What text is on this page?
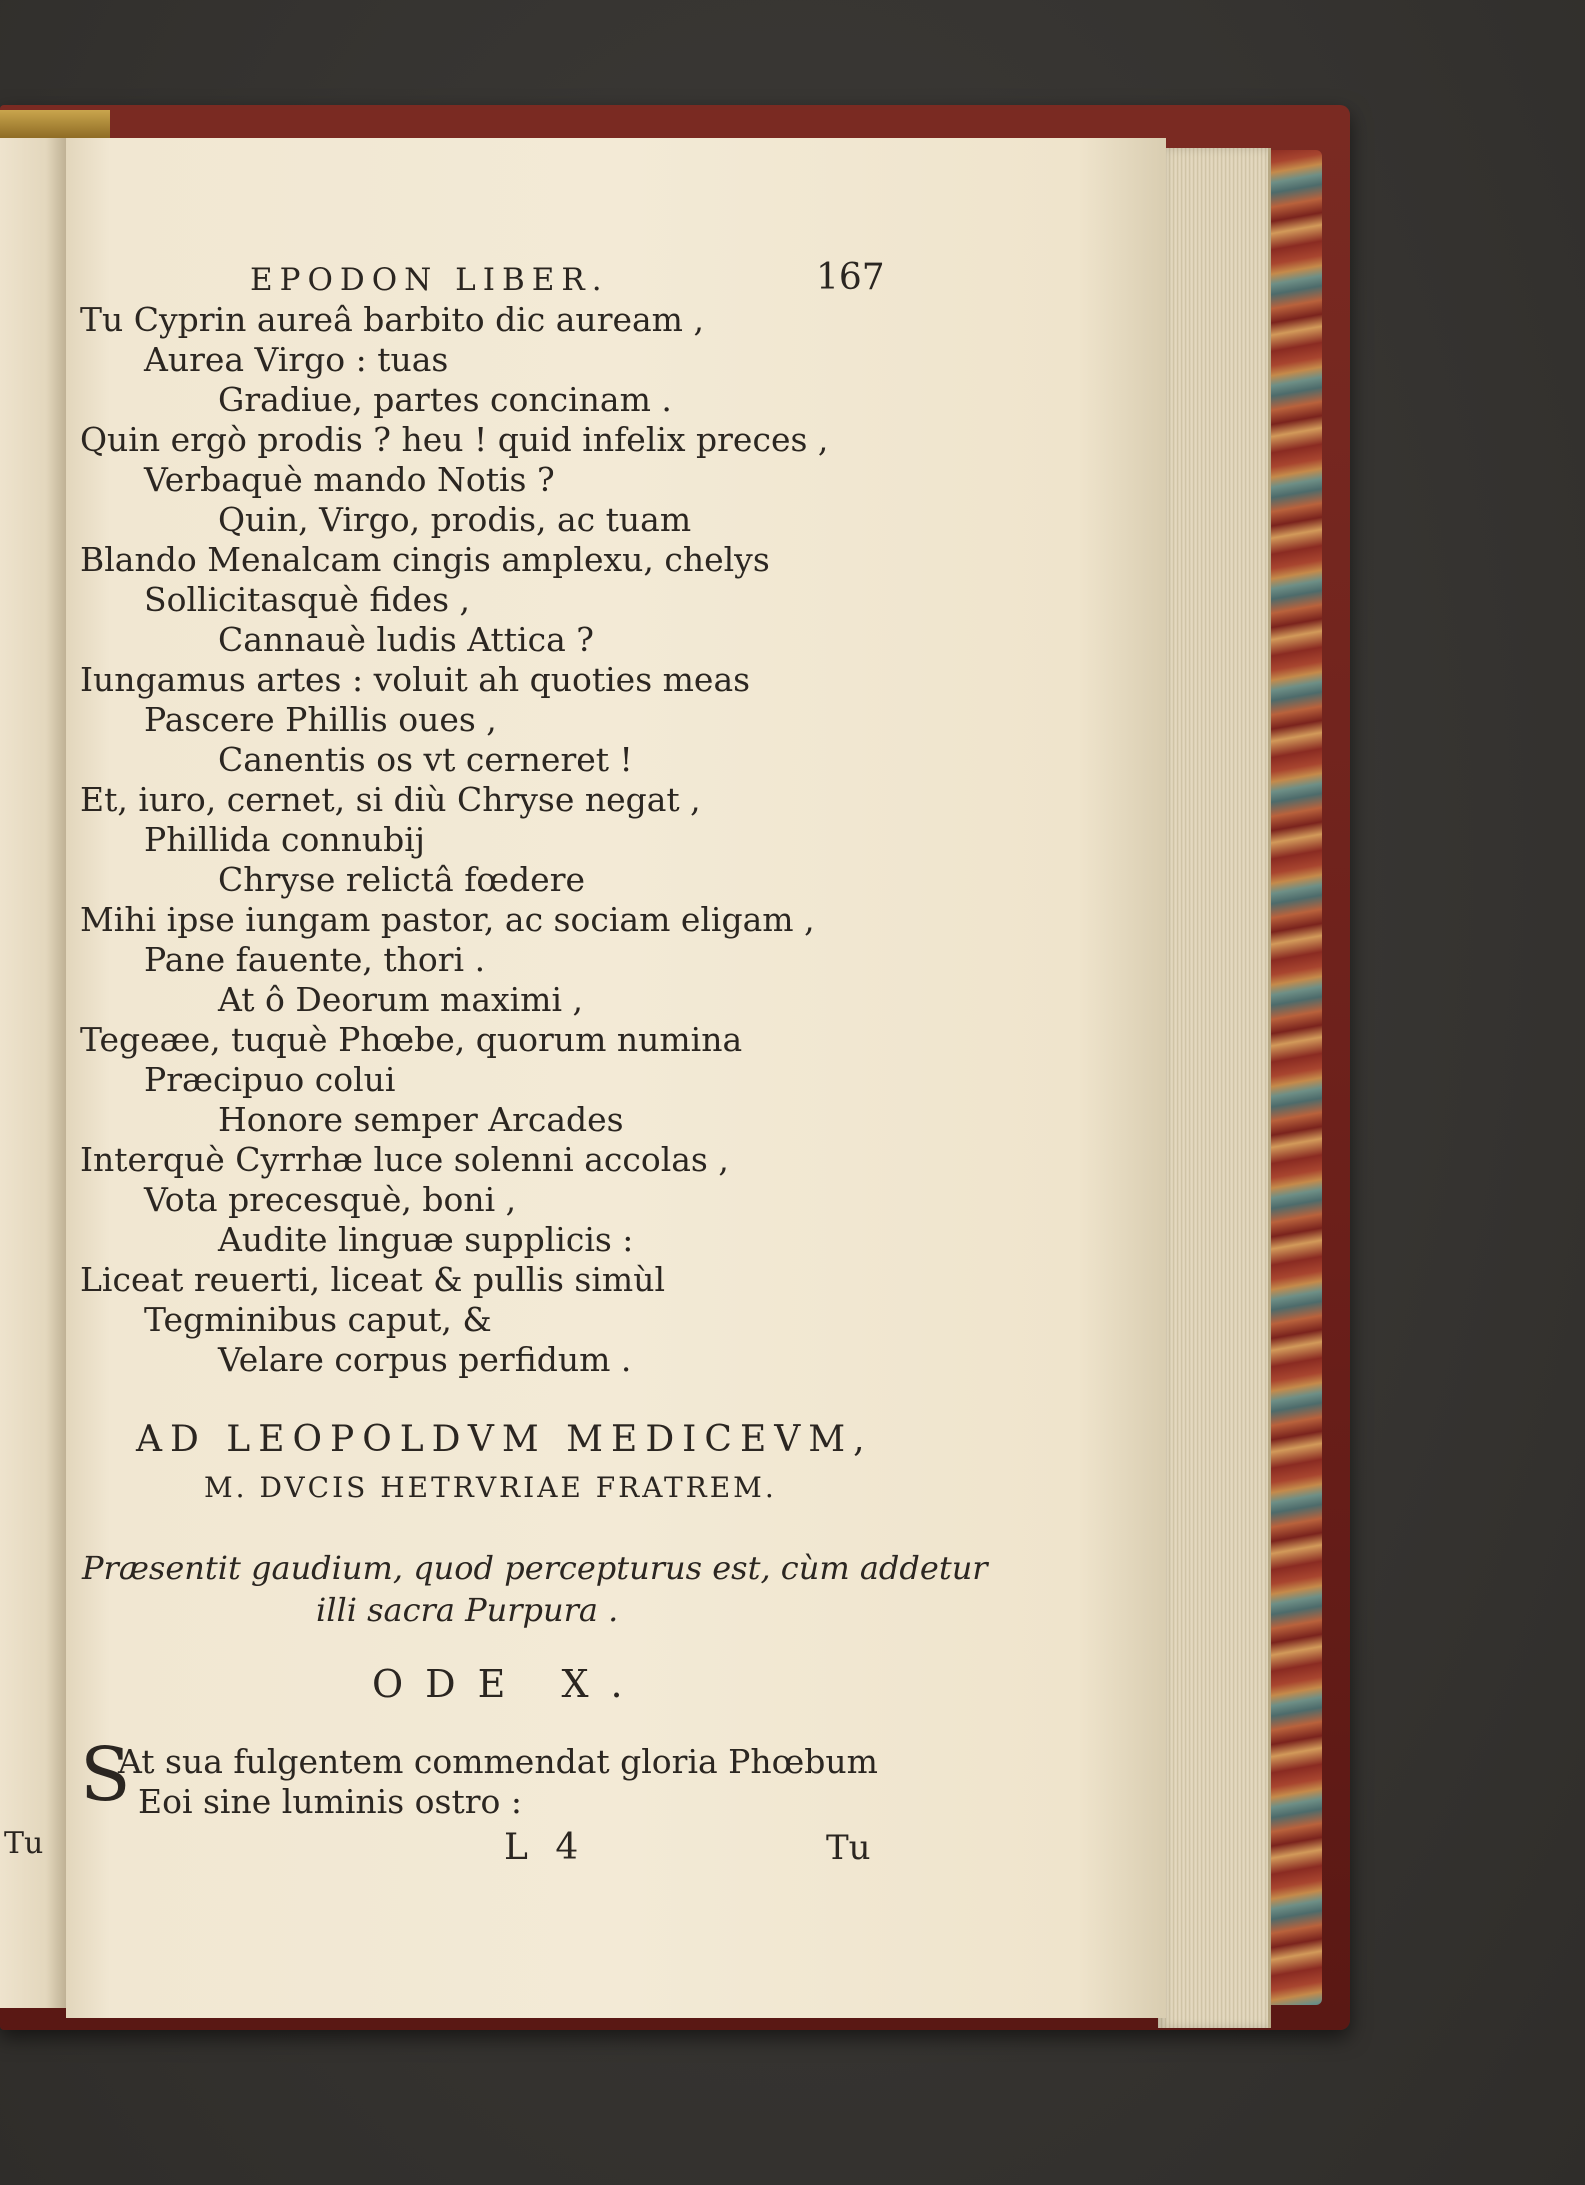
Tu
EPODON LIBER.	167
Tu Cyprin aureâ barbito dic auream ,
Aurea Virgo : tuas
Gradiue, partes concinam .
Quin ergò prodis ? heu ! quid infelix preces ,
Verbaquè mando Notis ?
Quin, Virgo, prodis, ac tuam
Blando Menalcam cingis amplexu, chelys
Sollicitasquè fides ,
Cannauè ludis Attica ?
Iungamus artes : voluit ah quoties meas
Pascere Phillis oues ,
Canentis os vt cerneret !
Et, iuro, cernet, si diù Chryse negat ,
Phillida connubij
Chryse relictâ fœdere
Mihi ipse iungam pastor, ac sociam eligam ,
Pane fauente, thori .
At ô Deorum maximi ,
Tegeæe, tuquè Phœbe, quorum numina
Præcipuo colui
Honore semper Arcades
Interquè Cyrrhæ luce solenni accolas ,
Vota precesquè, boni ,
Audite linguæ supplicis :
Liceat reuerti, liceat & pullis simùl
Tegminibus caput, &
Velare corpus perfidum .
AD LEOPOLDVM MEDICEVM,
M. DVCIS HETRVRIAE FRATREM.
Præsentit gaudium, quod percepturus est, cùm addetur
illi sacra Purpura .
ODE X.
S
At sua fulgentem commendat gloria Phœbum
Eoi sine luminis ostro :
L 4	Tu
